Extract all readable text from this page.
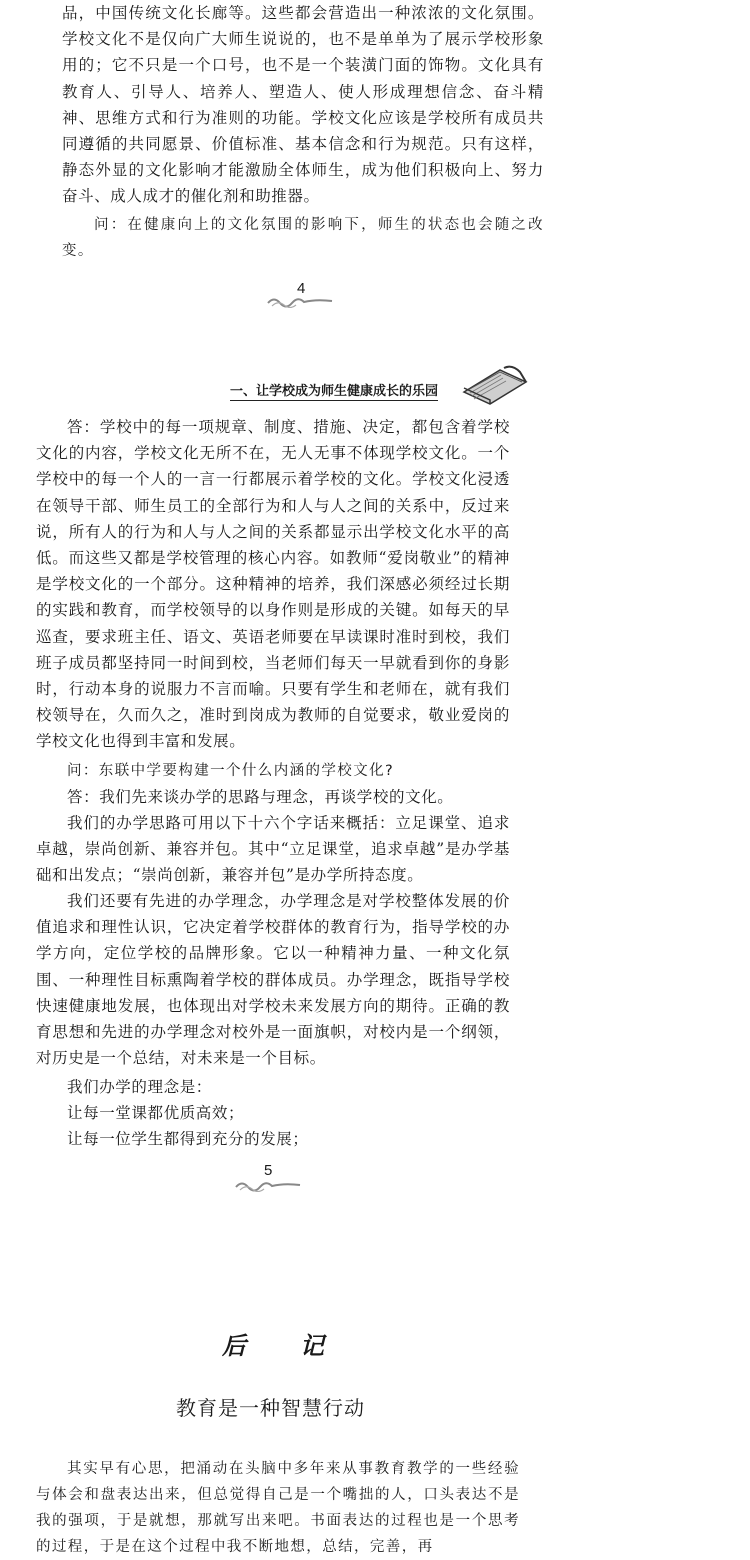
品，中国传统文化长廊等。这些都会营造出一种浓浓的文化氛围。学校文化不是仅向广大师生说说的，也不是单单为了展示学校形象用的；它不只是一个口号，也不是一个装潢门面的饰物。文化具有教育人、引导人、培养人、塑造人、使人形成理想信念、奋斗精神、思维方式和行为准则的功能。学校文化应该是学校所有成员共同遵循的共同愿景、价值标准、基本信念和行为规范。只有这样，静态外显的文化影响才能激励全体师生，成为他们积极向上、努力奋斗、成人成才的催化剂和助推器。

问：在健康向上的文化氛围的影响下，师生的状态也会随之改变。

4
一、让学校成为师生健康成长的乐园

答：学校中的每一项规章、制度、措施、决定，都包含着学校文化的内容，学校文化无所不在，无人无事不体现学校文化。一个学校中的每一个人的一言一行都展示着学校的文化。学校文化浸透在领导干部、师生员工的全部行为和人与人之间的关系中，反过来说，所有人的行为和人与人之间的关系都显示出学校文化水平的高低。而这些又都是学校管理的核心内容。如教师“爱岗敬业”的精神是学校文化的一个部分。这种精神的培养，我们深感必须经过长期的实践和教育，而学校领导的以身作则是形成的关键。如每天的早巡查，要求班主任、语文、英语老师要在早读课时准时到校，我们班子成员都坚持同一时间到校，当老师们每天一早就看到你的身影时，行动本身的说服力不言而喻。只要有学生和老师在，就有我们校领导在，久而久之，准时到岗成为教师的自觉要求，敬业爱岗的学校文化也得到丰富和发展。

问：东联中学要构建一个什么内涵的学校文化?

答：我们先来谈办学的思路与理念，再谈学校的文化。

我们的办学思路可用以下十六个字话来概括：立足课堂、追求卓越，崇尚创新、兼容并包。其中“立足课堂，追求卓越”是办学基础和出发点；“崇尚创新，兼容并包”是办学所持态度。

我们还要有先进的办学理念，办学理念是对学校整体发展的价值追求和理性认识，它决定着学校群体的教育行为，指导学校的办学方向，定位学校的品牌形象。它以一种精神力量、一种文化氛围、一种理性目标熏陶着学校的群体成员。办学理念，既指导学校快速健康地发展，也体现出对学校未来发展方向的期待。正确的教育思想和先进的办学理念对校外是一面旗帜，对校内是一个纲领，对历史是一个总结，对未来是一个目标。

我们办学的理念是：

让每一堂课都优质高效；

让每一位学生都得到充分的发展；

5
后　　记
教育是一种智慧行动

其实早有心思，把涌动在头脑中多年来从事教育教学的一些经验与体会和盘表达出来，但总觉得自己是一个嘴拙的人，口头表达不是我的强项，于是就想，那就写出来吧。书面表达的过程也是一个思考的过程，于是在这个过程中我不断地想，总结，完善，再
